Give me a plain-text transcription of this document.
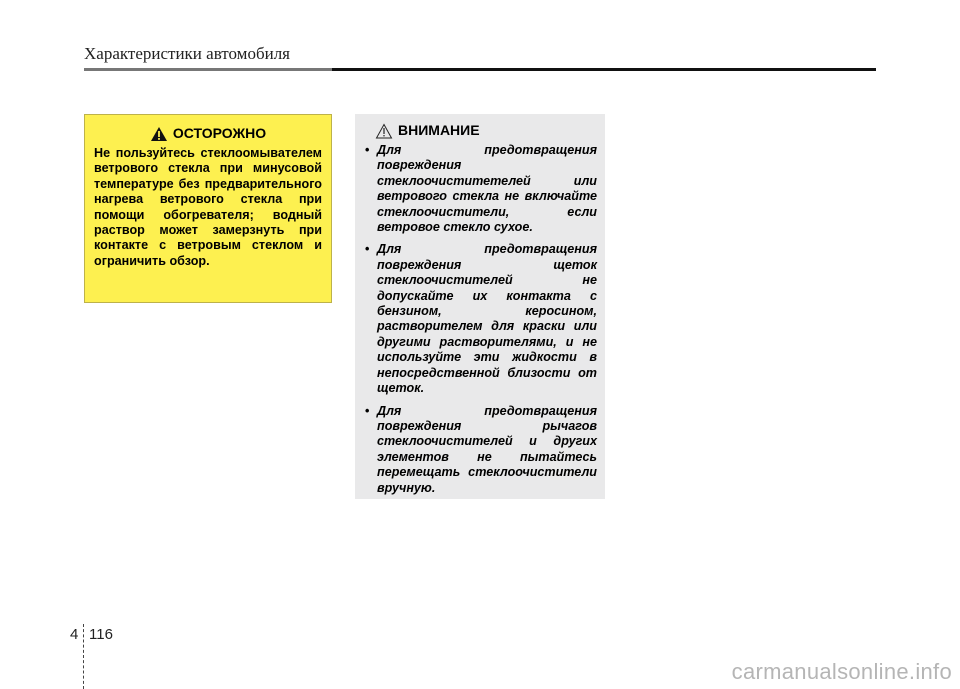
Характеристики автомобиля
ОСТОРОЖНО
Не пользуйтесь стеклоомывателем ветрового стекла при минусовой температуре без предварительного нагрева ветрового стекла при помощи обогревателя; водный раствор может замерзнуть при контакте с ветровым стеклом и ограничить обзор.
ВНИМАНИЕ
• Для предотвращения повреждения стеклоочиститетелей или ветрового стекла не включайте стеклоочистители, если ветровое стекло сухое.
• Для предотвращения повреждения щеток стеклоочистителей не допускайте их контакта с бензином, керосином, растворителем для краски или другими растворителями, и не используйте эти жидкости в непосредственной близости от щеток.
• Для предотвращения повреждения рычагов стеклоочистителей и других элементов не пытайтесь перемещать стеклоочистители вручную.
4 116
carmanualsonline.info
